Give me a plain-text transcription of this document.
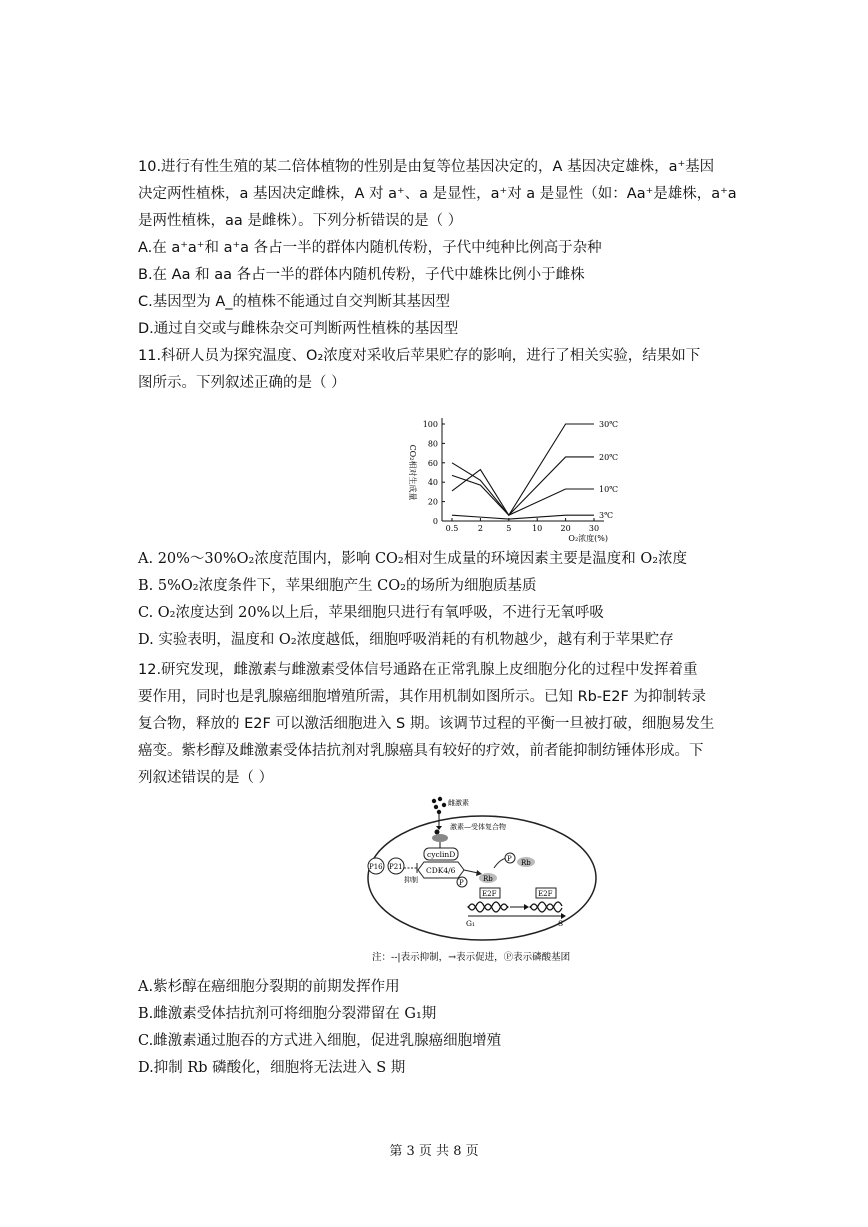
10.进行有性生殖的某二倍体植物的性别是由复等位基因决定的，A 基因决定雄株，a⁺基因
决定两性植株，a 基因决定雌株，A 对 a⁺、a 是显性，a⁺对 a 是显性（如：Aa⁺是雄株，a⁺a
是两性植株，aa 是雌株）。下列分析错误的是（ ）
A.在 a⁺a⁺和 a⁺a 各占一半的群体内随机传粉，子代中纯种比例高于杂种
B.在 Aa 和 aa 各占一半的群体内随机传粉，子代中雄株比例小于雌株
C.基因型为 A_的植株不能通过自交判断其基因型
D.通过自交或与雌株杂交可判断两性植株的基因型
11.科研人员为探究温度、O₂浓度对采收后苹果贮存的影响，进行了相关实验，结果如下
图所示。下列叙述正确的是（ ）
0
20
40
60
80
100
0.5 2	5	10 20 30
CO₂相对生成量
O₂浓度(%)
30℃
20℃
10℃
3℃
A. 20%～30%O₂浓度范围内，影响 CO₂相对生成量的环境因素主要是温度和 O₂浓度
B. 5%O₂浓度条件下，苹果细胞产生 CO₂的场所为细胞质基质
C. O₂浓度达到 20%以上后，苹果细胞只进行有氧呼吸，不进行无氧呼吸
D. 实验表明，温度和 O₂浓度越低，细胞呼吸消耗的有机物越少，越有利于苹果贮存
12.研究发现，雌激素与雌激素受体信号通路在正常乳腺上皮细胞分化的过程中发挥着重
要作用，同时也是乳腺癌细胞增殖所需，其作用机制如图所示。已知 Rb-E2F 为抑制转录
复合物，释放的 E2F 可以激活细胞进入 S 期。该调节过程的平衡一旦被打破，细胞易发生
癌变。紫杉醇及雌激素受体拮抗剂对乳腺癌具有较好的疗效，前者能抑制纺锤体形成。下
列叙述错误的是（ ）
雌激素
激素—受体复合物
cyclinD
CDK4/6
P16 P21
抑制	Rb
P
P Rb
E2F	E2F
G₁	S
注：--|表示抑制，→表示促进，Ⓟ表示磷酸基团
A.紫杉醇在癌细胞分裂期的前期发挥作用
B.雌激素受体拮抗剂可将细胞分裂滞留在 G₁期
C.雌激素通过胞吞的方式进入细胞，促进乳腺癌细胞增殖
D.抑制 Rb 磷酸化，细胞将无法进入 S 期
第 3 页 共 8 页
